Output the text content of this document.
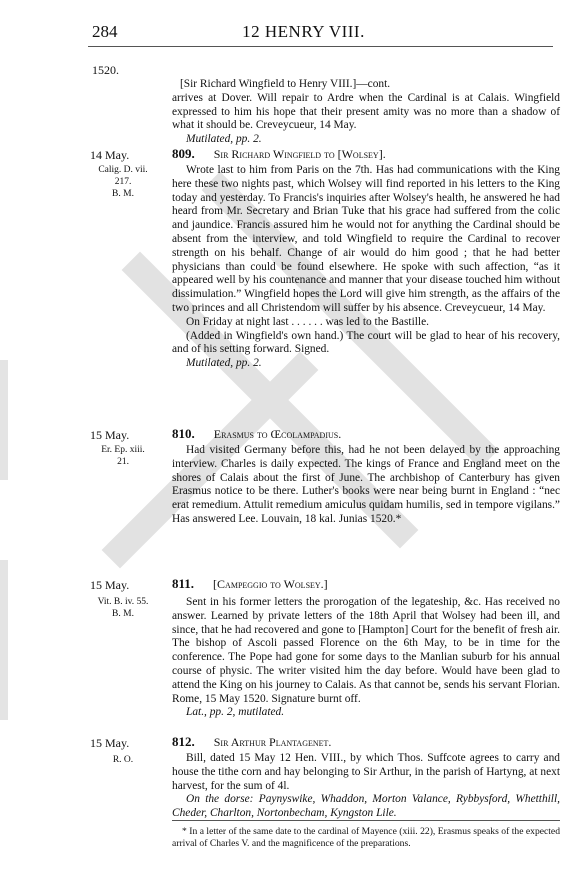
284	12 HENRY VIII.
1520.

[Sir Richard Wingfield to Henry VIII.]—cont.

arrives at Dover. Will repair to Ardre when the Cardinal is at Calais. Wingfield expressed to him his hope that their present amity was no more than a shadow of what it should be. Creveycueur, 14 May.

Mutilated, pp. 2.

14 May.
Calig. D. vii.
217.
B. M.
809. Sir Richard Wingfield to [Wolsey].

Wrote last to him from Paris on the 7th. Has had communications with the King here these two nights past, which Wolsey will find reported in his letters to the King today and yesterday. To Francis's inquiries after Wolsey's health, he answered he had heard from Mr. Secretary and Brian Tuke that his grace had suffered from the colic and jaundice. Francis assured him he would not for anything the Cardinal should be absent from the interview, and told Wingfield to require the Cardinal to recover strength on his behalf. Change of air would do him good ; that he had better physicians than could be found elsewhere. He spoke with such affection, “as it appeared well by his countenance and manner that your disease touched him without dissimulation.” Wingfield hopes the Lord will give him strength, as the affairs of the two princes and all Christendom will suffer by his absence. Creveycueur, 14 May.

On Friday at night last . . . . . . was led to the Bastille.

(Added in Wingfield's own hand.) The court will be glad to hear of his recovery, and of his setting forward. Signed.

Mutilated, pp. 2.

15 May.
Er. Ep. xiii.
21.
810. Erasmus to Œcolampadius.

Had visited Germany before this, had he not been delayed by the approaching interview. Charles is daily expected. The kings of France and England meet on the shores of Calais about the first of June. The archbishop of Canterbury has given Erasmus notice to be there. Luther's books were near being burnt in England : “nec erat remedium. Attulit remedium amiculus quidam humilis, sed in tempore vigilans.” Has answered Lee. Louvain, 18 kal. Junias 1520.*

15 May.
Vit. B. iv. 55.
B. M.
811. [Campeggio to Wolsey.]

Sent in his former letters the prorogation of the legateship, &c. Has received no answer. Learned by private letters of the 18th April that Wolsey had been ill, and since, that he had recovered and gone to [Hampton] Court for the benefit of fresh air. The bishop of Ascoli passed Florence on the 6th May, to be in time for the conference. The Pope had gone for some days to the Manlian suburb for his annual course of physic. The writer visited him the day before. Would have been glad to attend the King on his journey to Calais. As that cannot be, sends his servant Florian. Rome, 15 May 1520. Signature burnt off.

Lat., pp. 2, mutilated.

15 May.
R. O.
812. Sir Arthur Plantagenet.

Bill, dated 15 May 12 Hen. VIII., by which Thos. Suffcote agrees to carry and house the tithe corn and hay belonging to Sir Arthur, in the parish of Hartyng, at next harvest, for the sum of 4l.

On the dorse: Paynyswike, Whaddon, Morton Valance, Rybbysford, Whetthill, Cheder, Charlton, Nortonbecham, Kyngston Lile.

* In a letter of the same date to the cardinal of Mayence (xiii. 22), Erasmus speaks of the expected arrival of Charles V. and the magnificence of the preparations.
